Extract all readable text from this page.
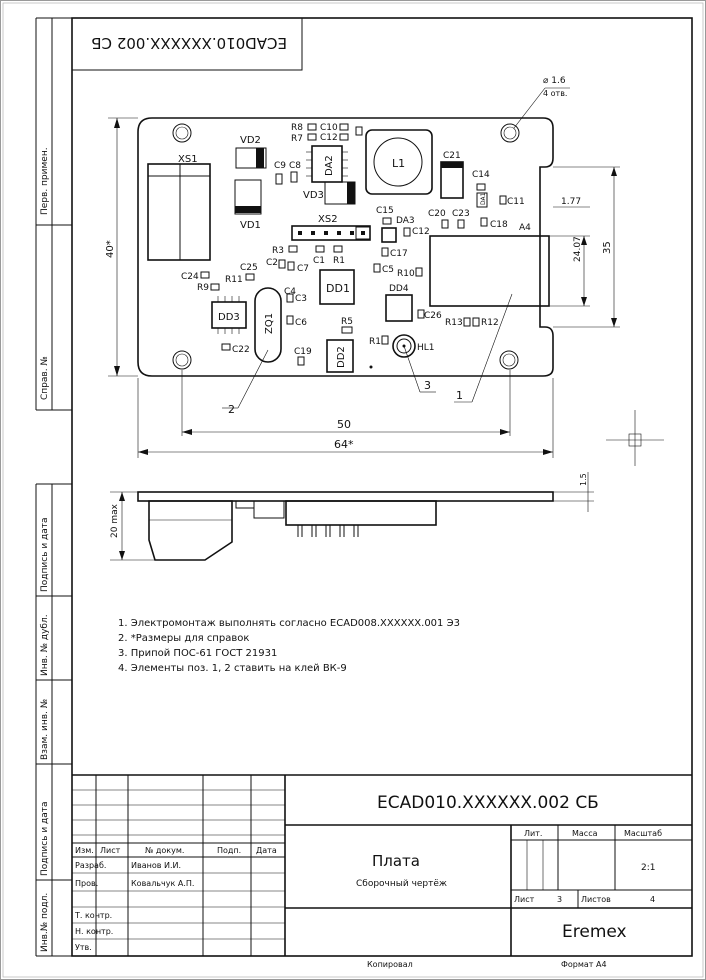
Перв. примен.
Справ. №
Подпись и дата
Инв. № дубл.
Взам. инв. №
Подпись и дата
Инв.№ подл.
ECAD010.XXXXXX.002 СБ
XS1
VD2
VD1
R8
R7
C10
C12
DA2
C9 C8	L1
VD3
C21
C14
DA1 C11
C20 C23
C18
C15
DA3
C12
XS2
A4
R3
C2
C7
C1 R1
C17
C5 R10
C24
C25
R9
R11
DD1	DD4
C26
R13 R12
DD3 ZQ1
C4
C3
C6
C22
R5
C19 DD2
R1
HL1
⌀ 1.6
4 отв.
40*
1.77
24.07 35
50
64*
2
3
1
20 max
1.5
1. Электромонтаж выполнять согласно ECAD008.XXXXXX.001 Э3
2. *Размеры для справок
3. Припой ПОС-61 ГОСТ 21931
4. Элементы поз. 1, 2 ставить на клей ВК-9
Изм. Лист	№ докум.	Подп. Дата
Разраб.	Иванов И.И.
Пров.	Ковальчук А.П.
Т. контр.
Н. контр.
Утв.
ECAD010.XXXXXX.002 СБ
Плата
Сборочный чертёж
Лит.	Масса	Масштаб
2:1
Лист	3 Листов	4
Eremex
Копировал	Формат A4
